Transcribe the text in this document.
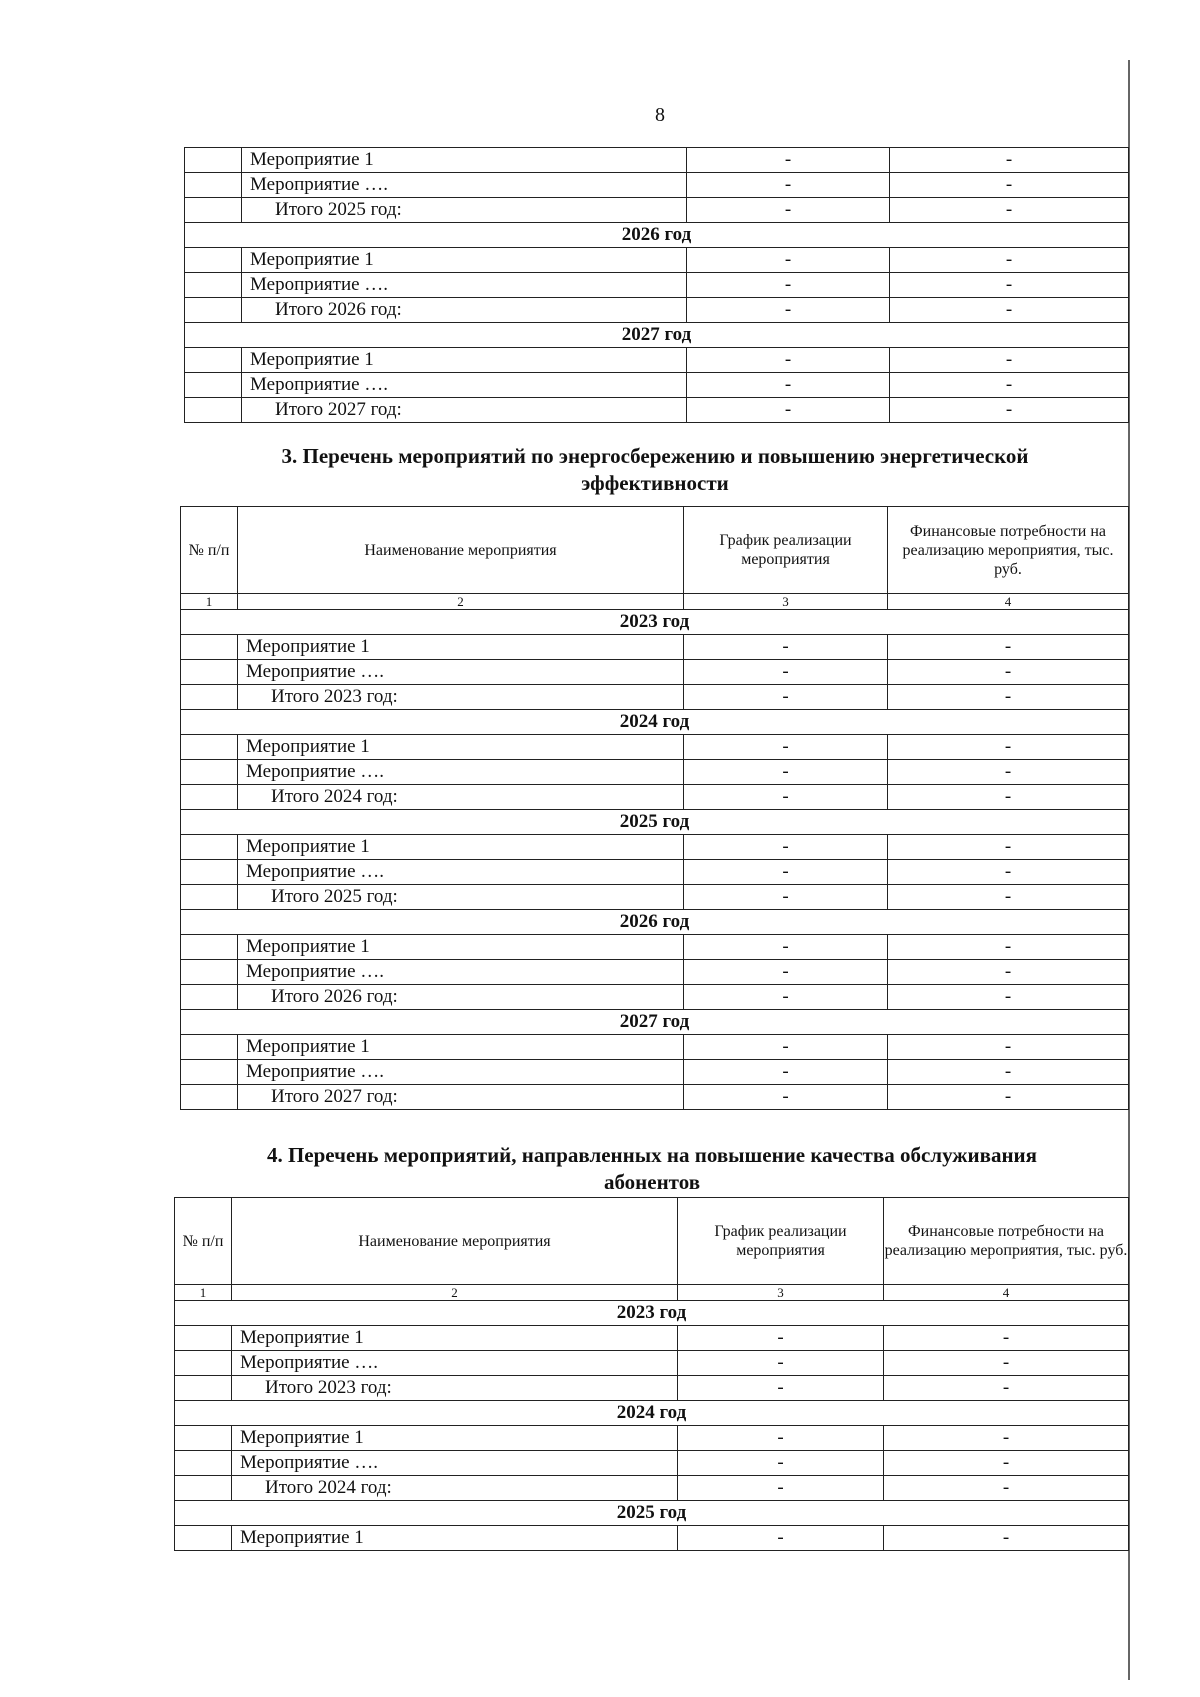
8
	Мероприятие 1	-	-
	Мероприятие ….	-	-
	Итого 2025 год:	-	-
2026 год			
	Мероприятие 1	-	-
	Мероприятие ….	-	-
	Итого 2026 год:	-	-
2027 год			
	Мероприятие 1	-	-
	Мероприятие ….	-	-
	Итого 2027 год:	-	-
3. Перечень мероприятий по энергосбережению и повышению энергетической
эффективности
№ п/п	Наименование мероприятия	График реализации мероприятия	Финансовые потребности на реализацию мероприятия, тыс. руб.
1	2	3	4
2023 год			
	Мероприятие 1	-	-
	Мероприятие ….	-	-
	Итого 2023 год:	-	-
2024 год			
	Мероприятие 1	-	-
	Мероприятие ….	-	-
	Итого 2024 год:	-	-
2025 год			
	Мероприятие 1	-	-
	Мероприятие ….	-	-
	Итого 2025 год:	-	-
2026 год			
	Мероприятие 1	-	-
	Мероприятие ….	-	-
	Итого 2026 год:	-	-
2027 год			
	Мероприятие 1	-	-
	Мероприятие ….	-	-
	Итого 2027 год:	-	-
4. Перечень мероприятий, направленных на повышение качества обслуживания
абонентов
№ п/п	Наименование мероприятия	График реализации мероприятия	Финансовые потребности на реализацию мероприятия, тыс. руб.
1	2	3	4
2023 год			
	Мероприятие 1	-	-
	Мероприятие ….	-	-
	Итого 2023 год:	-	-
2024 год			
	Мероприятие 1	-	-
	Мероприятие ….	-	-
	Итого 2024 год:	-	-
2025 год			
	Мероприятие 1	-	-
